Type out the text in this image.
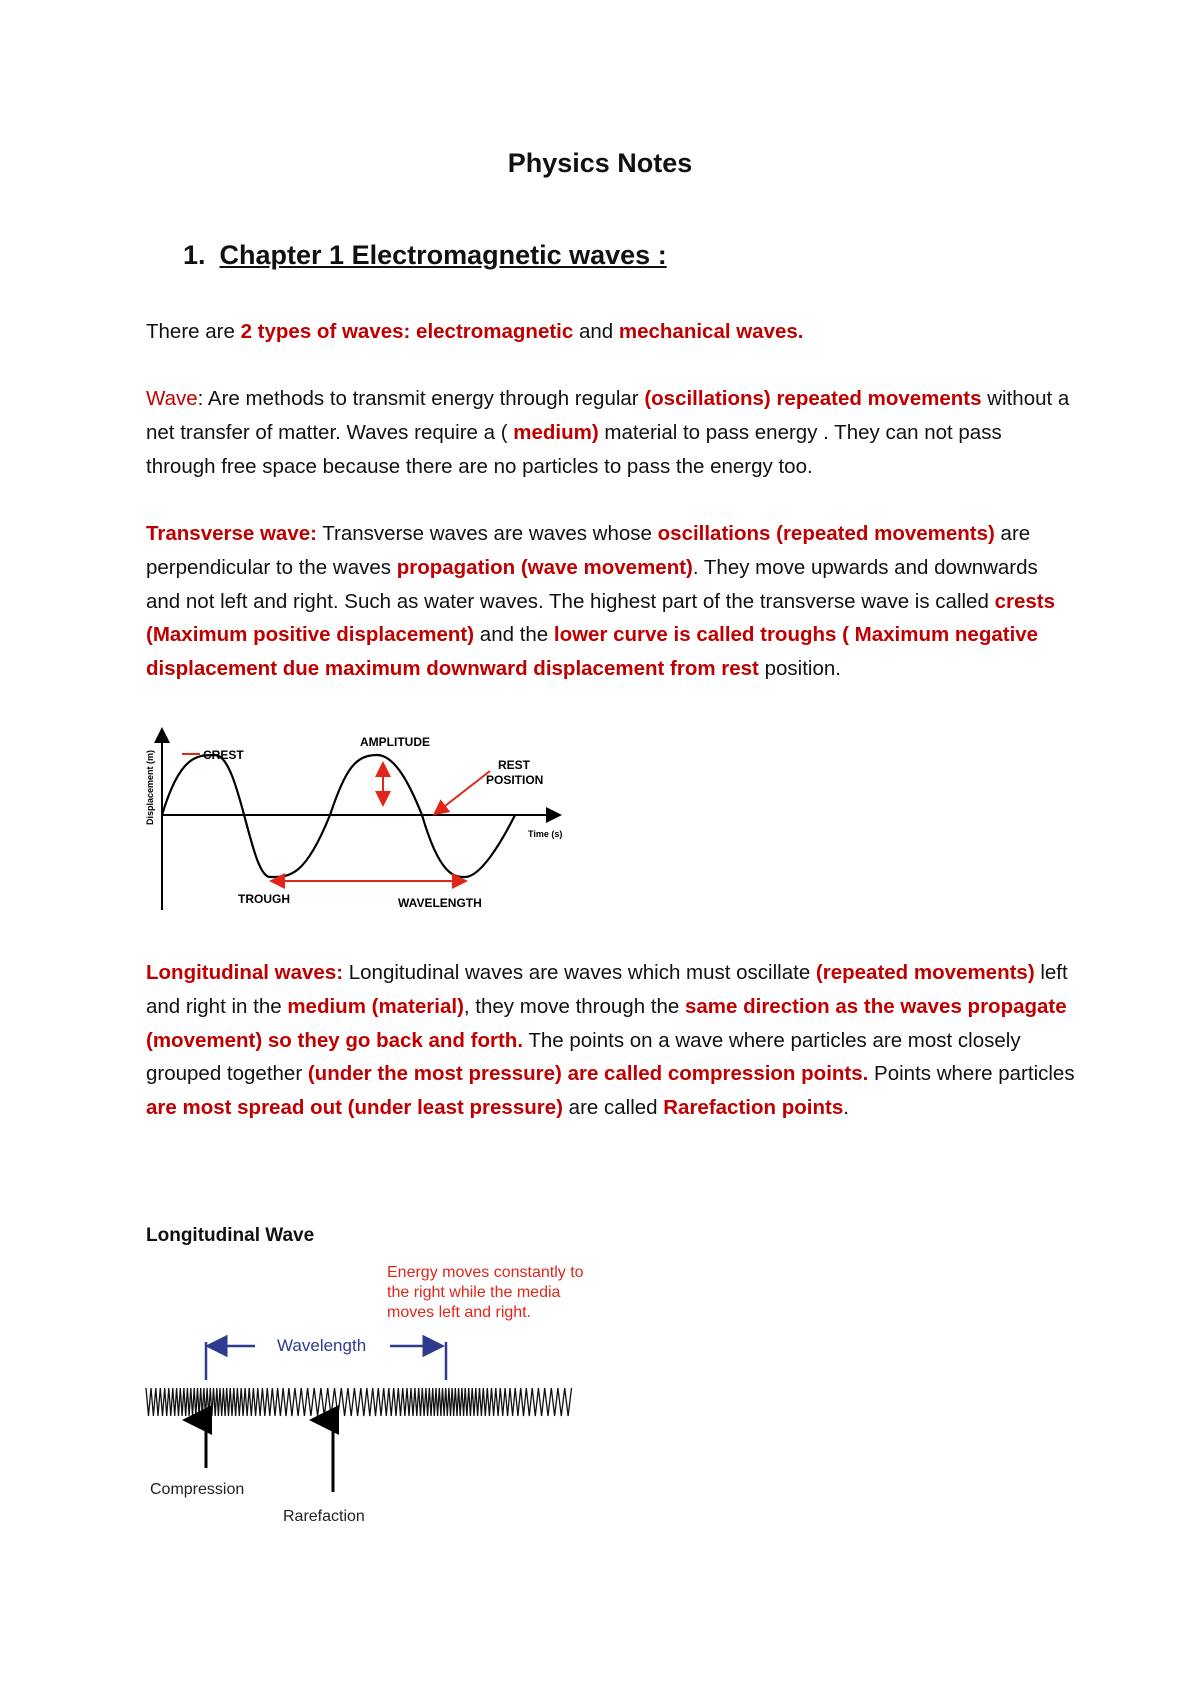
Physics Notes
1. Chapter 1 Electromagnetic waves :
There are 2 types of waves: electromagnetic and mechanical waves.
Wave: Are methods to transmit energy through regular (oscillations) repeated movements without a net transfer of matter. Waves require a ( medium) material to pass energy . They can not pass through free space because there are no particles to pass the energy too.
Transverse wave: Transverse waves are waves whose oscillations (repeated movements) are perpendicular to the waves propagation (wave movement). They move upwards and downwards and not left and right. Such as water waves. The highest part of the transverse wave is called crests (Maximum positive displacement) and the lower curve is called troughs ( Maximum negative displacement due maximum downward displacement from rest position.
Displacement (m)
Time (s)
CREST
AMPLITUDE
REST
POSITION
TROUGH	WAVELENGTH
Longitudinal waves: Longitudinal waves are waves which must oscillate (repeated movements) left and right in the medium (material), they move through the same direction as the waves propagate (movement) so they go back and forth. The points on a wave where particles are most closely grouped together (under the most pressure) are called compression points. Points where particles are most spread out (under least pressure) are called Rarefaction points.
Longitudinal Wave
Energy moves constantly to
the right while the media
moves left and right.
Wavelength
Compression
Rarefaction
